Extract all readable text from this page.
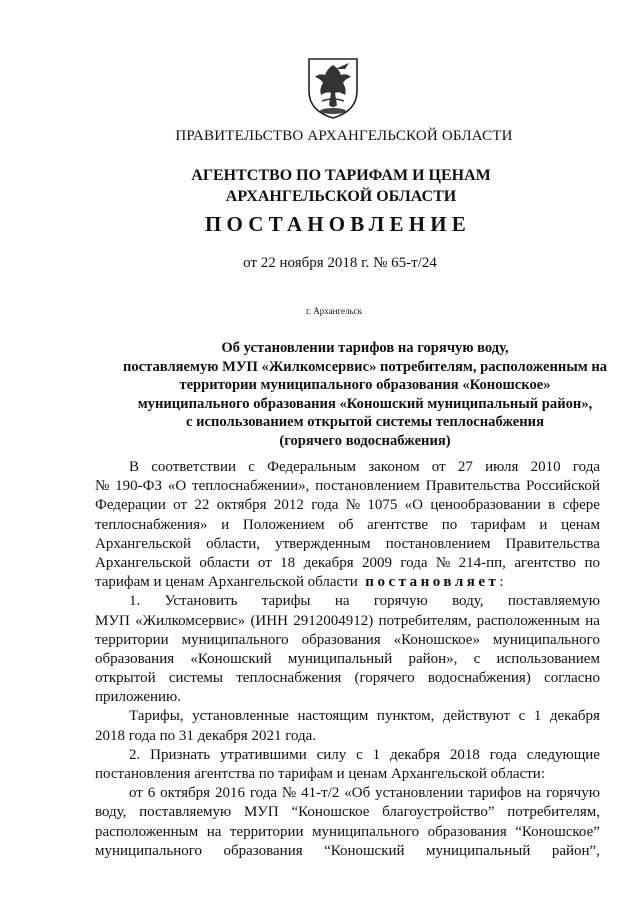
ПРАВИТЕЛЬСТВО АРХАНГЕЛЬСКОЙ ОБЛАСТИ
АГЕНТСТВО ПО ТАРИФАМ И ЦЕНАМ
АРХАНГЕЛЬСКОЙ ОБЛАСТИ
ПОСТАНОВЛЕНИЕ
от 22 ноября 2018 г. № 65-т/24
г. Архангельск
Об установлении тарифов на горячую воду,
поставляемую МУП «Жилкомсервис» потребителям, расположенным на
территории муниципального образования «Коношское»
муниципального образования «Коношский муниципальный район»,
с использованием открытой системы теплоснабжения
(горячего водоснабжения)
В соответствии с Федеральным законом от 27 июля 2010 года
№ 190-ФЗ «О теплоснабжении», постановлением Правительства Российской
Федерации от 22 октября 2012 года № 1075 «О ценообразовании в сфере
теплоснабжения» и Положением об агентстве по тарифам и ценам
Архангельской области, утвержденным постановлением Правительства
Архангельской области от 18 декабря 2009 года № 214-пп, агентство по
тарифам и ценам Архангельской области
постановляет :
1. Установить тарифы на горячую воду, поставляемую
МУП «Жилкомсервис» (ИНН 2912004912) потребителям, расположенным на
территории муниципального образования «Коношское» муниципального
образования «Коношский муниципальный район», с использованием
открытой системы теплоснабжения (горячего водоснабжения) согласно
приложению.
Тарифы, установленные настоящим пунктом, действуют с 1 декабря
2018 года по 31 декабря 2021 года.
2. Признать утратившими силу с 1 декабря 2018 года следующие
постановления агентства по тарифам и ценам Архангельской области:
от 6 октября 2016 года № 41-т/2 «Об установлении тарифов на горячую
воду, поставляемую МУП “Коношское благоустройство” потребителям,
расположенным на территории муниципального образования “Коношское”
муниципального образования “Коношский муниципальный район”,
